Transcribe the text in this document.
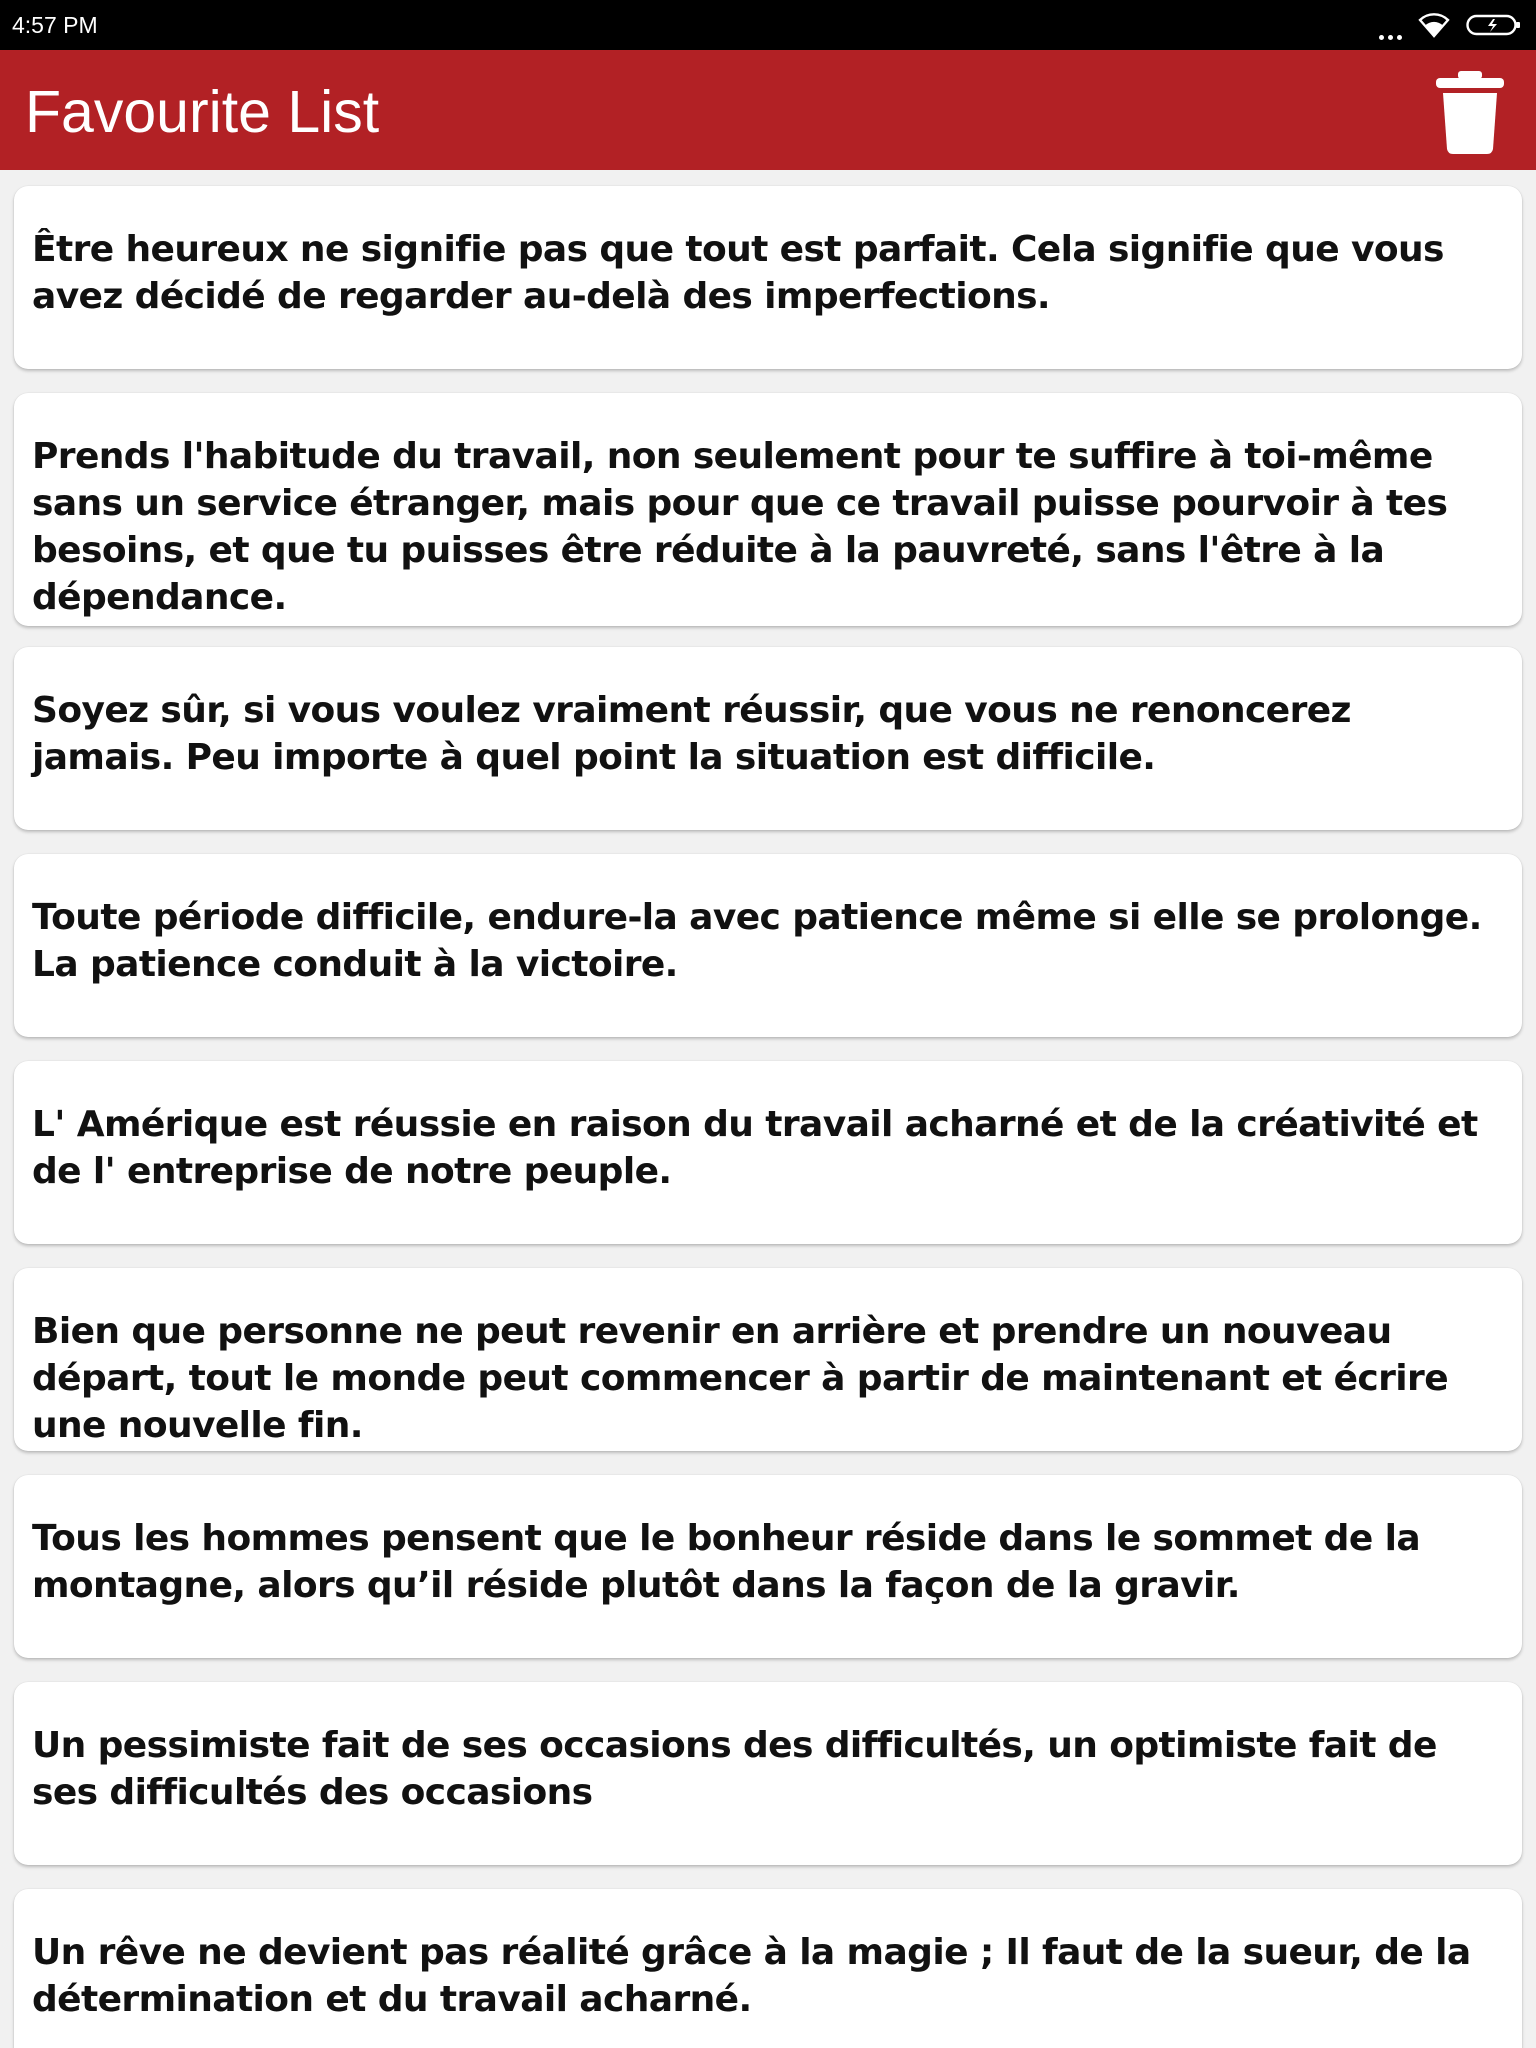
4:57 PM
Favourite List
Être heureux ne signifie pas que tout est parfait. Cela signifie que vous avez décidé de regarder au-delà des imperfections.
Prends l'habitude du travail, non seulement pour te suffire à toi-même sans un service étranger, mais pour que ce travail puisse pourvoir à tes besoins, et que tu puisses être réduite à la pauvreté, sans l'être à la dépendance.
Soyez sûr, si vous voulez vraiment réussir, que vous ne renoncerez jamais. Peu importe à quel point la situation est difficile.
Toute période difficile, endure-la avec patience même si elle se prolonge. La patience conduit à la victoire.
L' Amérique est réussie en raison du travail acharné et de la créativité et de l' entreprise de notre peuple.
Bien que personne ne peut revenir en arrière et prendre un nouveau départ, tout le monde peut commencer à partir de maintenant et écrire une nouvelle fin.
Tous les hommes pensent que le bonheur réside dans le sommet de la montagne, alors qu’il réside plutôt dans la façon de la gravir.
Un pessimiste fait de ses occasions des difficultés, un optimiste fait de ses difficultés des occasions
Un rêve ne devient pas réalité grâce à la magie ; Il faut de la sueur, de la détermination et du travail acharné.
